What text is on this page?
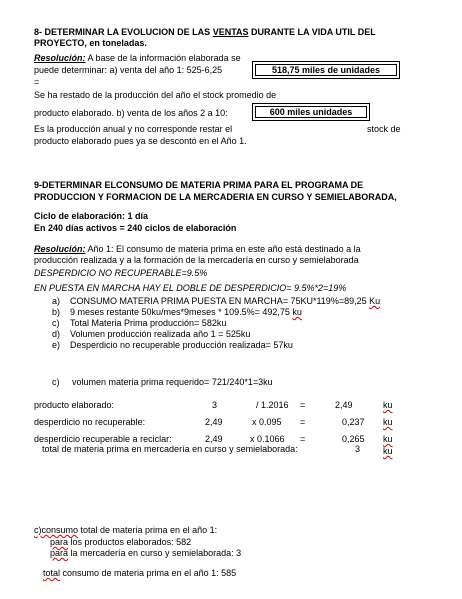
8- DETERMINAR LA EVOLUCION DE LAS VENTAS DURANTE LA VIDA UTIL DEL
PROYECTO, en toneladas.
Resolución: A base de la información elaborada se
puede determinar: a) venta del año 1: 525-6,25
=
518,75 miles de unidades
Se ha restado de la producción del año el stock promedio de
producto elaborado. b) venta de los años 2 a 10:	600 miles unidades
Es la producción anual y no corresponde restar el	stock de
producto elaborado pues ya se descontó en el Año 1.
9-DETERMINAR ELCONSUMO DE MATERIA PRIMA PARA EL PROGRAMA DE
PRODUCCION Y FORMACION DE LA MERCADERIA EN CURSO Y SEMIELABORADA,
Ciclo de elaboración: 1 día
En 240 días activos = 240 ciclos de elaboración
Resolución: Año 1: El consumo de materia prima en este año está destinado a la
producción realizada y a la formación de la mercadería en curso y semielaborada
DESPERDICIO NO RECUPERABLE=9.5%
EN PUESTA EN MARCHA HAY EL DOBLE DE DESPERDICIO= 9.5%*2=19%
a) CONSUMO MATERIA PRIMA PUESTA EN MARCHA= 75KU*119%=89,25 Ku
b) 9 meses restante 50ku/mes*9meses * 109.5%= 492,75 ku
c) Total Materia Prima producción= 582ku
d) Volumen producción realizada año 1 = 525ku
e) Desperdicio no recuperable producción realizada= 57ku
c) volumen materia prima requerido= 721/240*1=3ku
producto elaborado:	3	/ 1.2016 =	2,49	ku
desperdicio no recuperable:	2,49	x 0.095 =	0,237 ku
desperdicio recuperable a reciclar:	2,49	x 0.1066 =	0,265 ku
total de materia prima en mercadería en curso y semielaborada:	3	ku
c)consumo total de materia prima en el año 1:
para los productos elaborados: 582
para la mercadería en curso y semielaborada: 3
total consumo de materia prima en el año 1: 585
